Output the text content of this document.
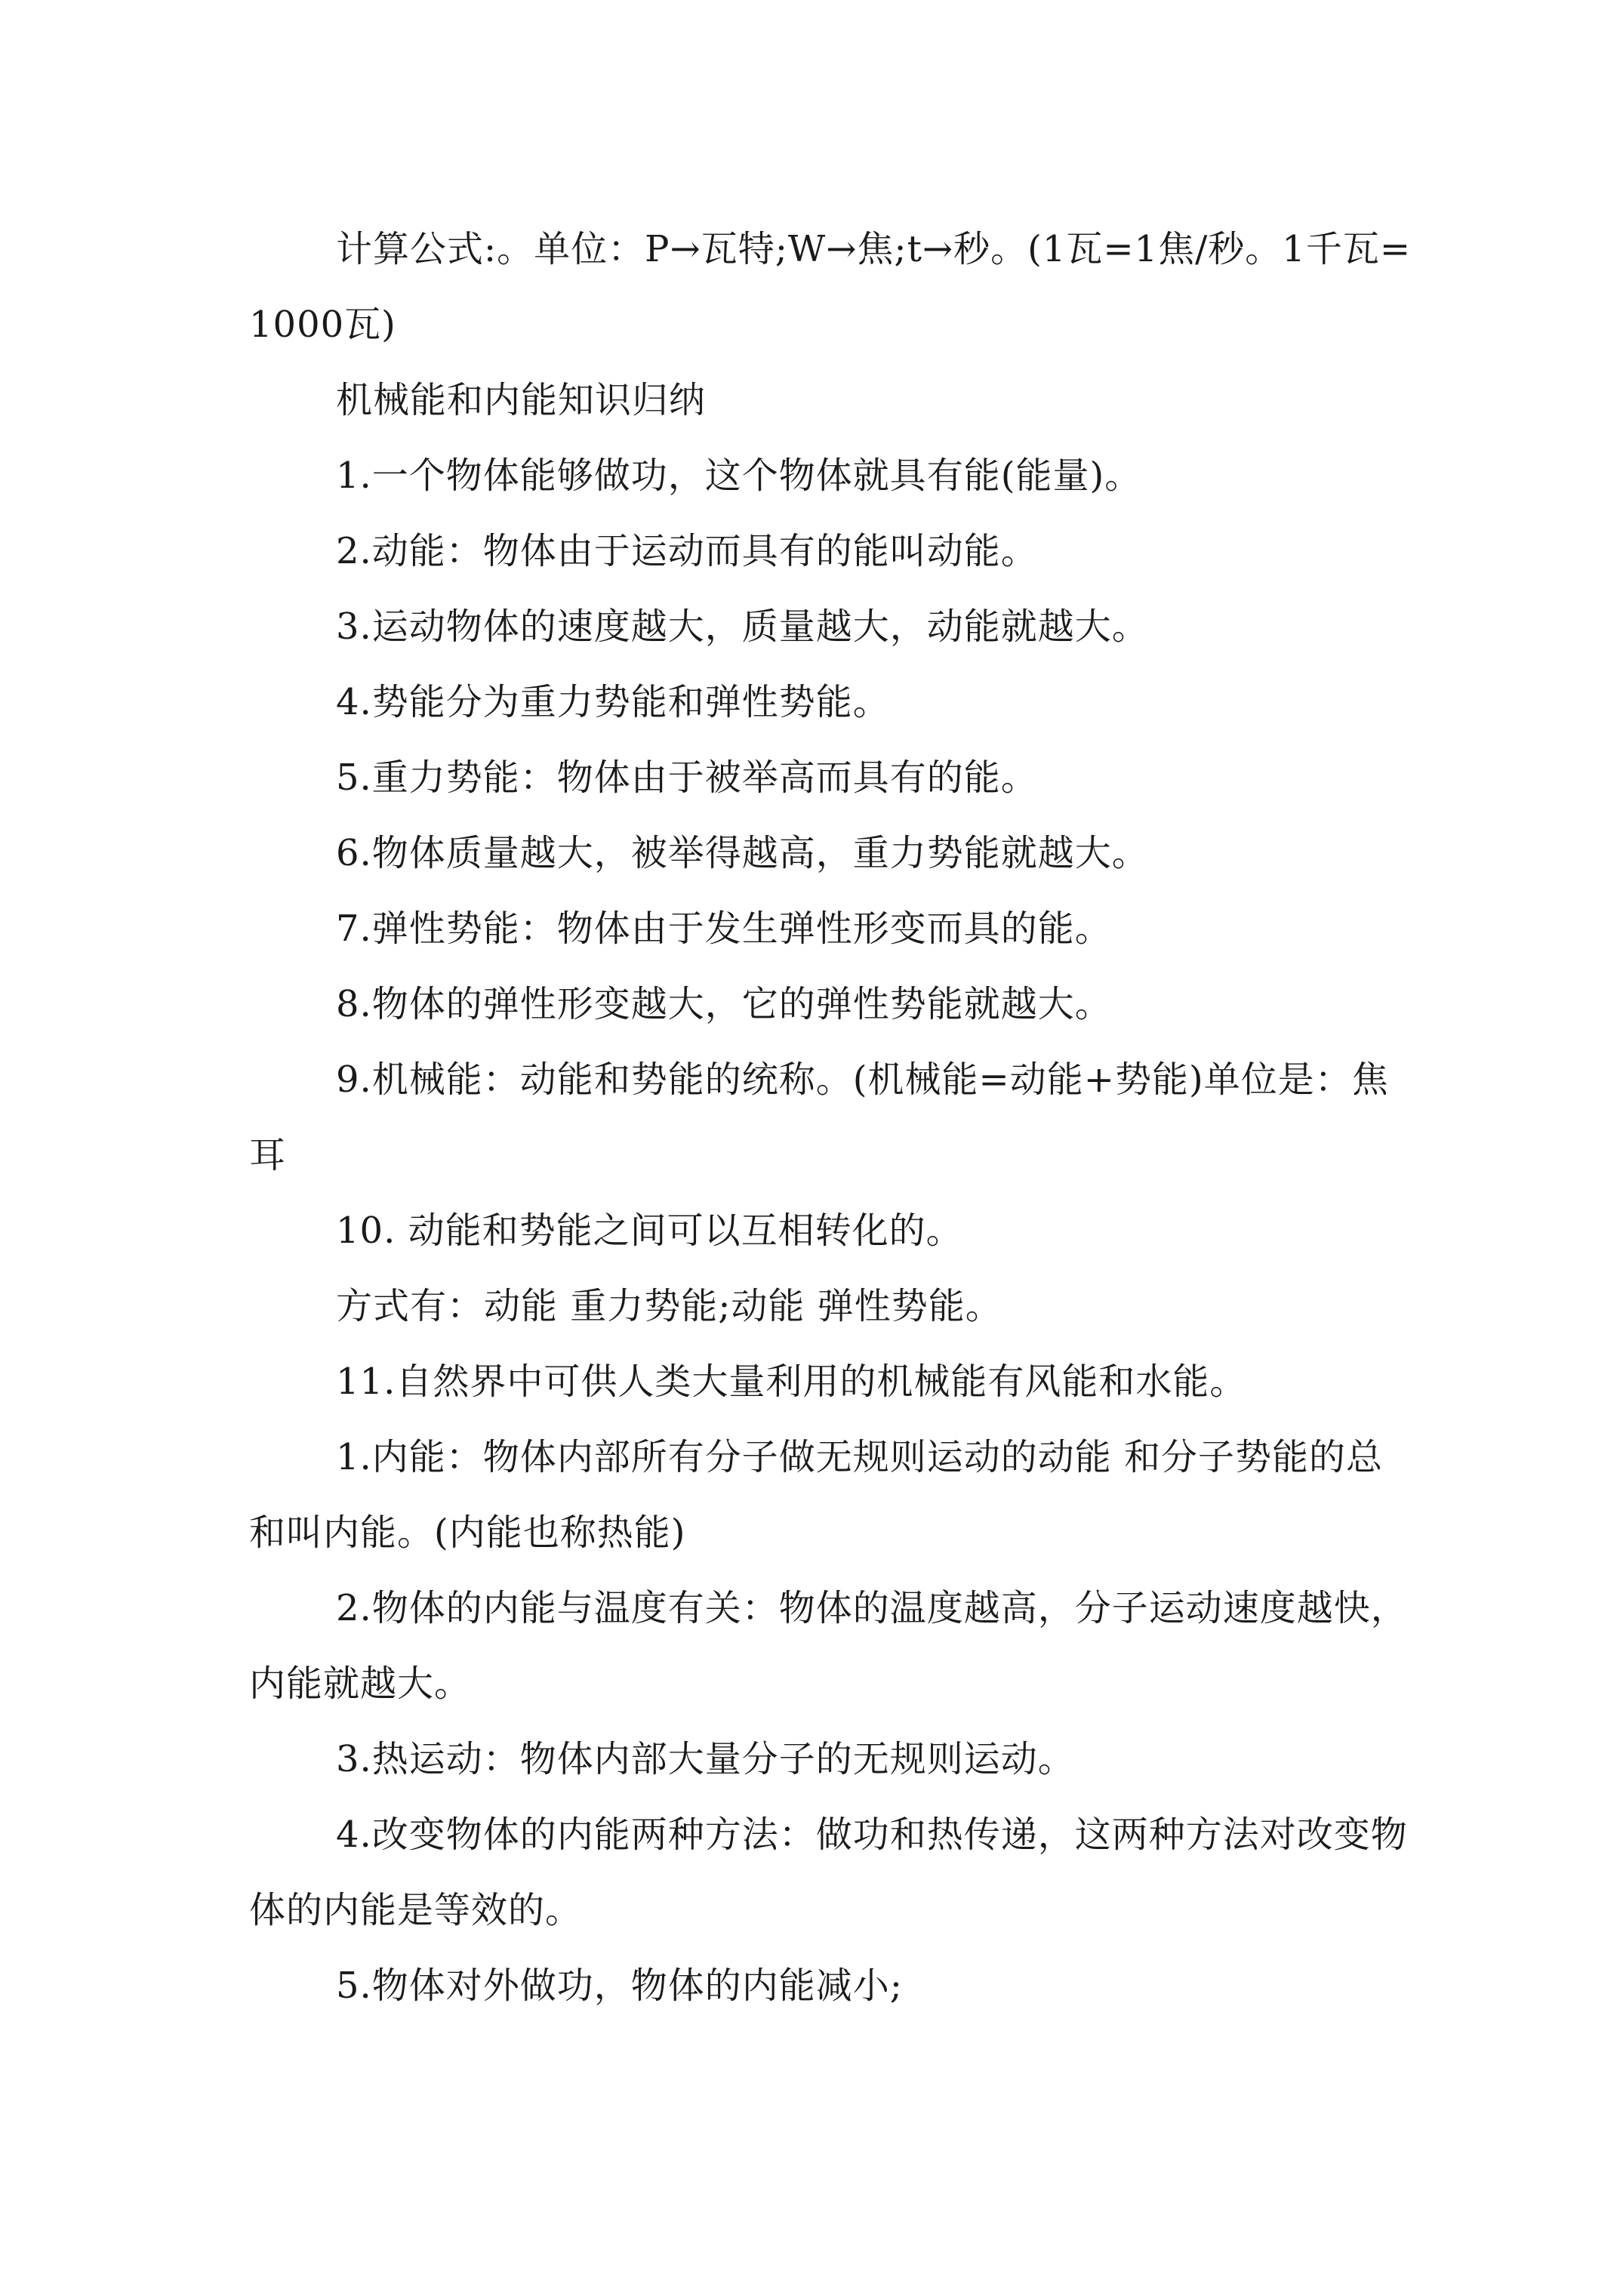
计算公式:。单位：P→瓦特;W→焦;t→秒。(1瓦=1焦/秒。1千瓦=1000瓦)

机械能和内能知识归纳

1.一个物体能够做功，这个物体就具有能(能量)。

2.动能：物体由于运动而具有的能叫动能。

3.运动物体的速度越大，质量越大，动能就越大。

4.势能分为重力势能和弹性势能。

5.重力势能：物体由于被举高而具有的能。

6.物体质量越大，被举得越高，重力势能就越大。

7.弹性势能：物体由于发生弹性形变而具的能。

8.物体的弹性形变越大，它的弹性势能就越大。

9.机械能：动能和势能的统称。(机械能=动能+势能)单位是：焦耳

10. 动能和势能之间可以互相转化的。

方式有：动能 重力势能;动能 弹性势能。

11.自然界中可供人类大量利用的机械能有风能和水能。

1.内能：物体内部所有分子做无规则运动的动能 和分子势能的总和叫内能。(内能也称热能)

2.物体的内能与温度有关：物体的温度越高，分子运动速度越快，内能就越大。

3.热运动：物体内部大量分子的无规则运动。

4.改变物体的内能两种方法：做功和热传递，这两种方法对改变物体的内能是等效的。

5.物体对外做功，物体的内能减小;
